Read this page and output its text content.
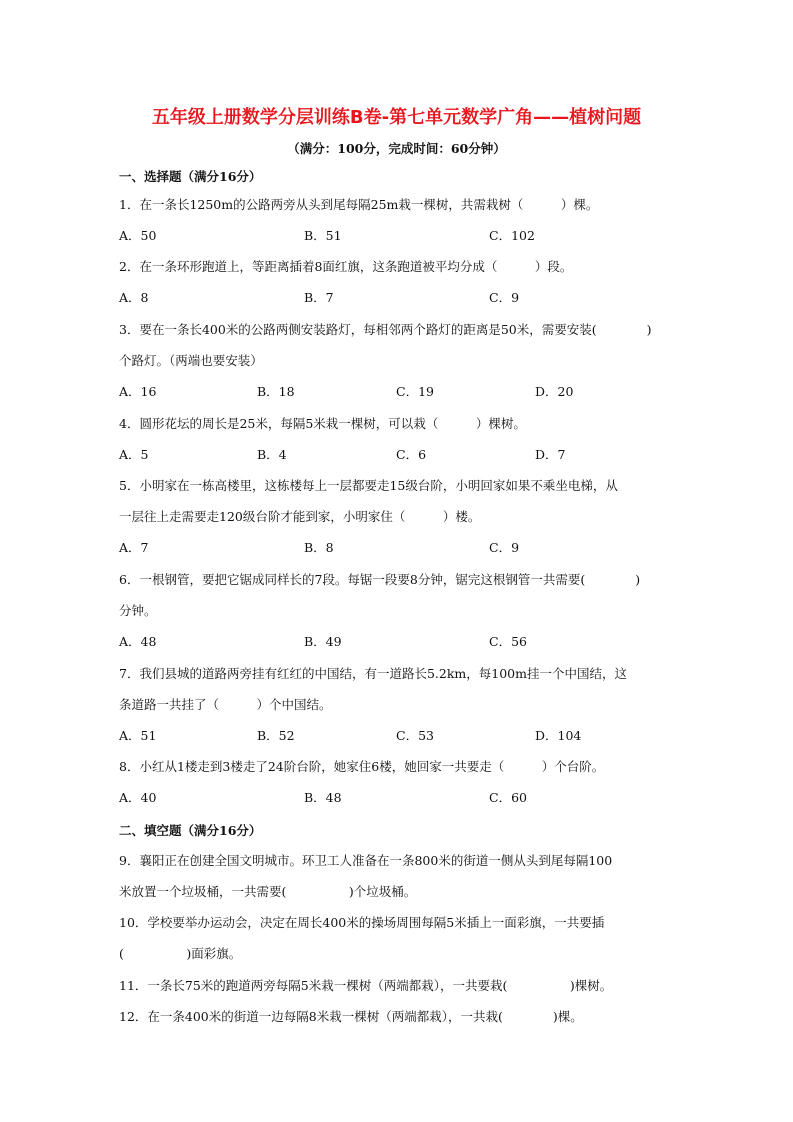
五年级上册数学分层训练B卷-第七单元数学广角——植树问题
（满分：100分，完成时间：60分钟）
一、选择题（满分16分）
1．在一条长1250m的公路两旁从头到尾每隔25m栽一棵树，共需栽树（　　　）棵。
A．50	B．51	C．102
2．在一条环形跑道上，等距离插着8面红旗，这条跑道被平均分成（　　　）段。
A．8	B．7	C．9
3．要在一条长400米的公路两侧安装路灯，每相邻两个路灯的距离是50米，需要安装(　　　　)
个路灯。（两端也要安装）
A．16	B．18	C．19	D．20
4．圆形花坛的周长是25米，每隔5米栽一棵树，可以栽（　　　）棵树。
A．5	B．4	C．6	D．7
5．小明家在一栋高楼里，这栋楼每上一层都要走15级台阶，小明回家如果不乘坐电梯，从
一层往上走需要走120级台阶才能到家，小明家住（　　　）楼。
A．7	B．8	C．9
6．一根钢管，要把它锯成同样长的7段。每锯一段要8分钟，锯完这根钢管一共需要(　　　　)
分钟。
A．48	B．49	C．56
7．我们县城的道路两旁挂有红红的中国结，有一道路长5.2km，每100m挂一个中国结，这
条道路一共挂了（　　　）个中国结。
A．51	B．52	C．53	D．104
8．小红从1楼走到3楼走了24阶台阶，她家住6楼，她回家一共要走（　　　）个台阶。
A．40	B．48	C．60
二、填空题（满分16分）
9．襄阳正在创建全国文明城市。环卫工人准备在一条800米的街道一侧从头到尾每隔100
米放置一个垃圾桶，一共需要(　　　　　)个垃圾桶。
10．学校要举办运动会，决定在周长400米的操场周围每隔5米插上一面彩旗，一共要插
(　　　　　)面彩旗。
11．一条长75米的跑道两旁每隔5米栽一棵树（两端都栽），一共要栽(　　　　　)棵树。
12．在一条400米的街道一边每隔8米栽一棵树（两端都栽），一共栽(　　　　)棵。
